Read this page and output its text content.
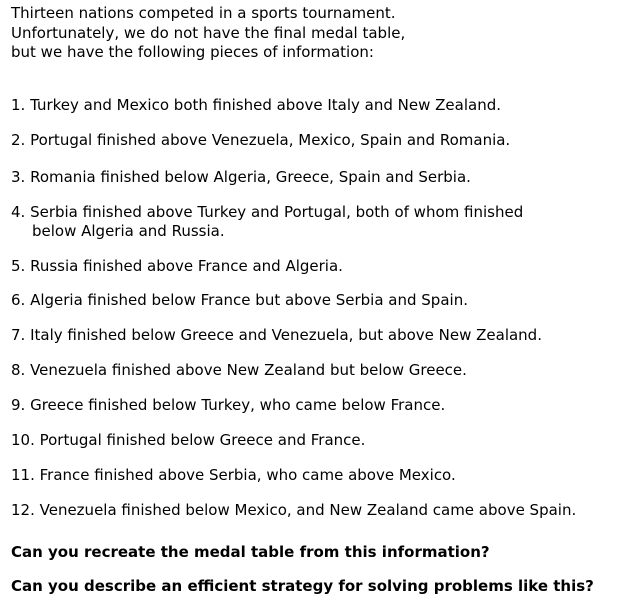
Thirteen nations competed in a sports tournament.
Unfortunately, we do not have the final medal table,
but we have the following pieces of information:

1. Turkey and Mexico both finished above Italy and New Zealand.

2. Portugal finished above Venezuela, Mexico, Spain and Romania.

3. Romania finished below Algeria, Greece, Spain and Serbia.

4. Serbia finished above Turkey and Portugal, both of whom finished
below Algeria and Russia.

5. Russia finished above France and Algeria.

6. Algeria finished below France but above Serbia and Spain.

7. Italy finished below Greece and Venezuela, but above New Zealand.

8. Venezuela finished above New Zealand but below Greece.

9. Greece finished below Turkey, who came below France.

10. Portugal finished below Greece and France.

11. France finished above Serbia, who came above Mexico.

12. Venezuela finished below Mexico, and New Zealand came above Spain.

Can you recreate the medal table from this information?

Can you describe an efficient strategy for solving problems like this?
